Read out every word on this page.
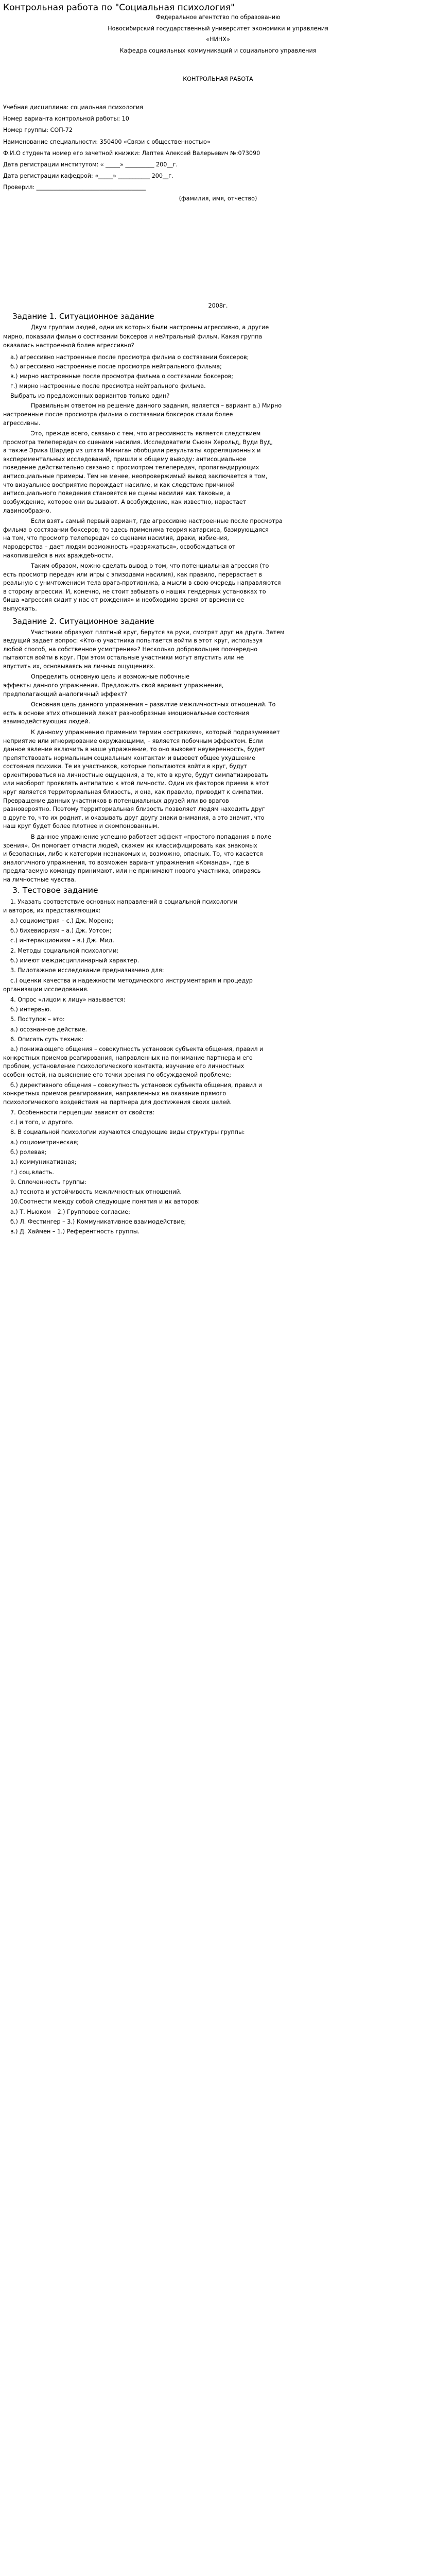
Контрольная работа по "Социальная психология"

Федеральное агентство по образованию

Новосибирский государственный университет экономики и управления

«НИНХ»

Кафедра социальных коммуникаций и социального управления

КОНТРОЛЬНАЯ РАБОТА

Учебная дисциплина: социальная психология

Номер варианта контрольной работы: 10

Номер группы: СОП-72

Наименование специальности: 350400 «Связи с общественностью»

Ф.И.О студента номер его зачетной книжки: Лаптев Алексей Валерьевич №:073090

Дата регистрации институтом: « _____» __________ 200__г.

Дата регистрации кафедрой: «_____» ___________ 200__г.

Проверил: ______________________________________

(фамилия, имя, отчество)

2008г.

Задание 1. Ситуационное задание

Двум группам людей, одни из которых были настроены агрессивно, а другие

мирно, показали фильм о состязании боксеров и нейтральный фильм. Какая группа

оказалась настроенной более агрессивно?

а.) агрессивно настроенные после просмотра фильма о состязании боксеров;

б.) агрессивно настроенные после просмотра нейтрального фильма;

в.) мирно настроенные после просмотра фильма о состязании боксеров;

г.) мирно настроенные после просмотра нейтрального фильма.

Выбрать из предложенных вариантов только один?

Правильным ответом на решение данного задания, является – вариант а.) Мирно

настроенные после просмотра фильма о состязании боксеров стали более

агрессивны.

Это, прежде всего, связано с тем, что агрессивность является следствием

просмотра телепередач со сценами насилия. Исследователи Сьюзн Херольд, Вуди Вуд,

а также Эрика Шардер из штата Мичиган обобщили результаты корреляционных и

экспериментальных исследований, пришли к общему выводу: антисоциальное

поведение действительно связано с просмотром телепередач, пропагандирующих

антисоциальные примеры. Тем не менее, неопровержимый вывод заключается в том,

что визуальное восприятие порождает насилие, и как следствие причиной

антисоциального поведения становятся не сцены насилия как таковые, а

возбуждение, которое они вызывают. А возбуждение, как известно, нарастает

лавинообразно.

Если взять самый первый вариант, где агрессивно настроенные после просмотра

фильма о состязании боксеров; то здесь применима теория катарсиса, базирующаяся

на том, что просмотр телепередач со сценами насилия, драки, избиения,

мародерства – дает людям возможность «разряжаться», освобождаться от

накопившейся в них враждебности.

Таким образом, можно сделать вывод о том, что потенциальная агрессия (то

есть просмотр передач или игры с эпизодами насилия), как правило, перерастает в

реальную с уничтожением тела врага-противника, а мысли в свою очередь направляются

в сторону агрессии. И, конечно, не стоит забывать о наших гендерных установках то

биша «агрессия сидит у нас от рождения» и необходимо время от времени ее

выпускать.

Задание 2. Ситуационное задание

Участники образуют плотный круг, берутся за руки, смотрят друг на друга. Затем

ведущий задает вопрос: «Кто-ю участника попытается войти в этот круг, используя

любой способ, на собственное усмотрение»? Несколько добровольцев поочередно

пытаются войти в круг. При этом остальные участники могут впустить или не

впустить их, основываясь на личных ощущениях.

Определить основную цель и возможные побочные

эффекты данного упражнения. Предложить свой вариант упражнения,

предполагающий аналогичный эффект?

Основная цель данного упражнения – развитие межличностных отношений. То

есть в основе этих отношений лежат разнообразные эмоциональные состояния

взаимодействующих людей.

К данному упражнению применим термин «остракизм», который подразумевает

неприятие или игнорирование окружающими, – является побочным эффектом. Если

данное явление включить в наше упражнение, то оно вызовет неуверенность, будет

препятствовать нормальным социальным контактам и вызовет общее ухудшение

состояния психики. Те из участников, которые попытаются войти в круг, будут

ориентироваться на личностные ощущения, а те, кто в круге, будут симпатизировать

или наоборот проявлять антипатию к этой личности. Один из факторов приема в этот

круг является территориальная близость, и она, как правило, приводит к симпатии.

Превращение данных участников в потенциальных друзей или во врагов

равновероятно. Поэтому территориальная близость позволяет людям находить друг

в друге то, что их роднит, и оказывать друг другу знаки внимания, а это значит, что

наш круг будет более плотнее и скомпонованным.

В данное упражнение успешно работает эффект «простого попадания в поле

зрения». Он помогает отчасти людей, скажем их классифицировать как знакомых

и безопасных, либо к категории незнакомых и, возможно, опасных. То, что касается

аналогичного упражнения, то возможен вариант упражнения «Команда», где в

предлагаемую команду принимают, или не принимают нового участника, опираясь

на личностные чувства.

3. Тестовое задание

1. Указать соответствие основных направлений в социальной психологии

и авторов, их представляющих:

а.) социометрия – с.) Дж. Морено;

б.) бихевиоризм – а.) Дж. Уотсон;

с.) интеракционизм – в.) Дж. Мид.

2. Методы социальной психологии:

б.) имеют междисциплинарный характер.

3. Пилотажное исследование предназначено для:

с.) оценки качества и надежности методического инструментария и процедур

организации исследования.

4. Опрос «лицом к лицу» называется:

б.) интервью.

5. Поступок – это:

а.) осознанное действие.

6. Описать суть техник:

а.) понижающего общения – совокупность установок субъекта общения, правил и

конкретных приемов реагирования, направленных на понимание партнера и его

проблем, установление психологического контакта, изучение его личностных

особенностей, на выяснение его точки зрения по обсуждаемой проблеме;

б.) директивного общения – совокупность установок субъекта общения, правил и

конкретных приемов реагирования, направленных на оказание прямого

психологического воздействия на партнера для достижения своих целей.

7. Особенности перцепции зависят от свойств:

с.) и того, и другого.

8. В социальной психологии изучаются следующие виды структуры группы:

а.) социометрическая;

б.) ролевая;

в.) коммуникативная;

г.) соц.власть.

9. Сплоченность группы:

а.) теснота и устойчивость межличностных отношений.

10.Соотнести между собой следующие понятия и их авторов:

а.) Т. Ньюком – 2.) Групповое согласие;

б.) Л. Фестингер – 3.) Коммуникативное взаимодействие;

в.) Д. Хаймен – 1.) Референтность группы.
